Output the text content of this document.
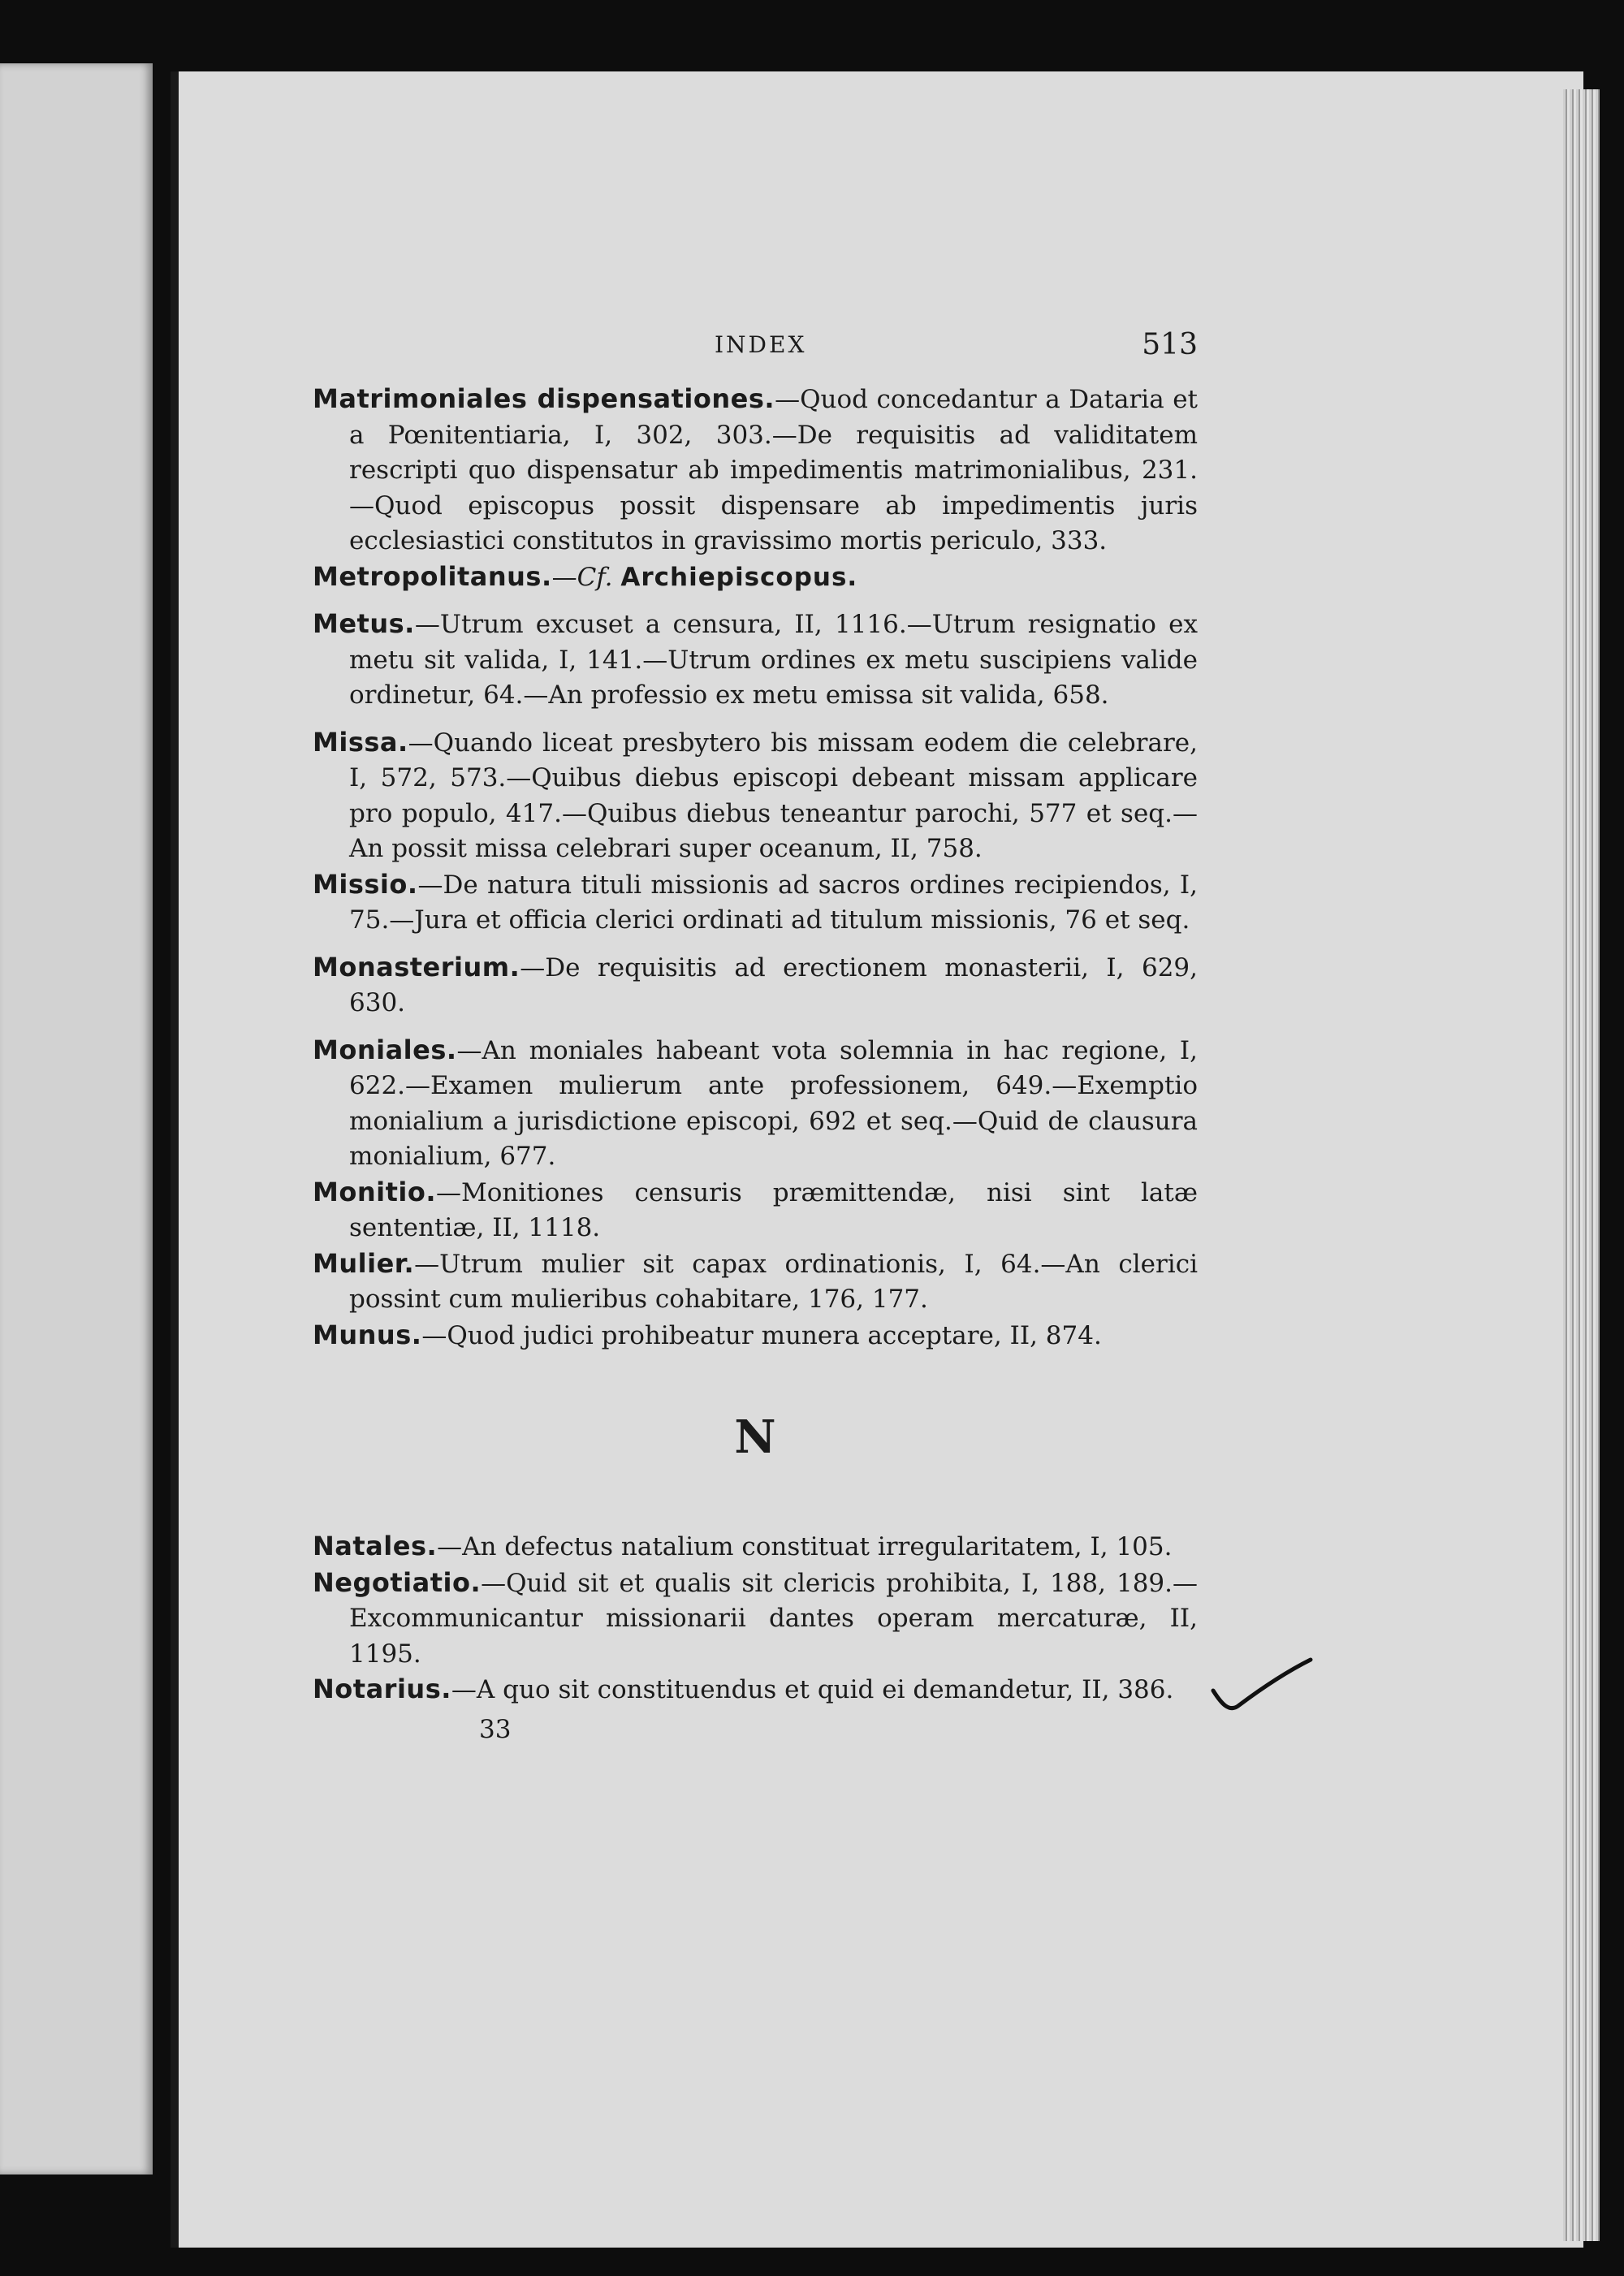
INDEX	513

Matrimoniales dispensationes.—Quod concedantur a Dataria et a Pœnitentiaria, I, 302, 303.—De requisitis ad validitatem rescripti quo dispensatur ab impedimentis matrimonialibus, 231.—Quod episcopus possit dispensare ab impedimentis juris ecclesiastici constitutos in gravissimo mortis periculo, 333.

Metropolitanus.—Cf. Archiepiscopus.

Metus.—Utrum excuset a censura, II, 1116.—Utrum resignatio ex metu sit valida, I, 141.—Utrum ordines ex metu suscipiens valide ordinetur, 64.—An professio ex metu emissa sit valida, 658.

Missa.—Quando liceat presbytero bis missam eodem die celebrare, I, 572, 573.—Quibus diebus episcopi debeant missam applicare pro populo, 417.—Quibus diebus teneantur parochi, 577 et seq.—An possit missa celebrari super oceanum, II, 758.

Missio.—De natura tituli missionis ad sacros ordines recipiendos, I, 75.—Jura et officia clerici ordinati ad titulum missionis, 76 et seq.

Monasterium.—De requisitis ad erectionem monasterii, I, 629, 630.

Moniales.—An moniales habeant vota solemnia in hac regione, I, 622.—Examen mulierum ante professionem, 649.—Exemptio monialium a jurisdictione episcopi, 692 et seq.—Quid de clausura monialium, 677.

Monitio.—Monitiones censuris præmittendæ, nisi sint latæ sententiæ, II, 1118.

Mulier.—Utrum mulier sit capax ordinationis, I, 64.—An clerici possint cum mulieribus cohabitare, 176, 177.

Munus.—Quod judici prohibeatur munera acceptare, II, 874.

N

Natales.—An defectus natalium constituat irregularitatem, I, 105.

Negotiatio.—Quid sit et qualis sit clericis prohibita, I, 188, 189.—Excommunicantur missionarii dantes operam mercaturæ, II, 1195.

Notarius.—A quo sit constituendus et quid ei demandetur, II, 386.

33
